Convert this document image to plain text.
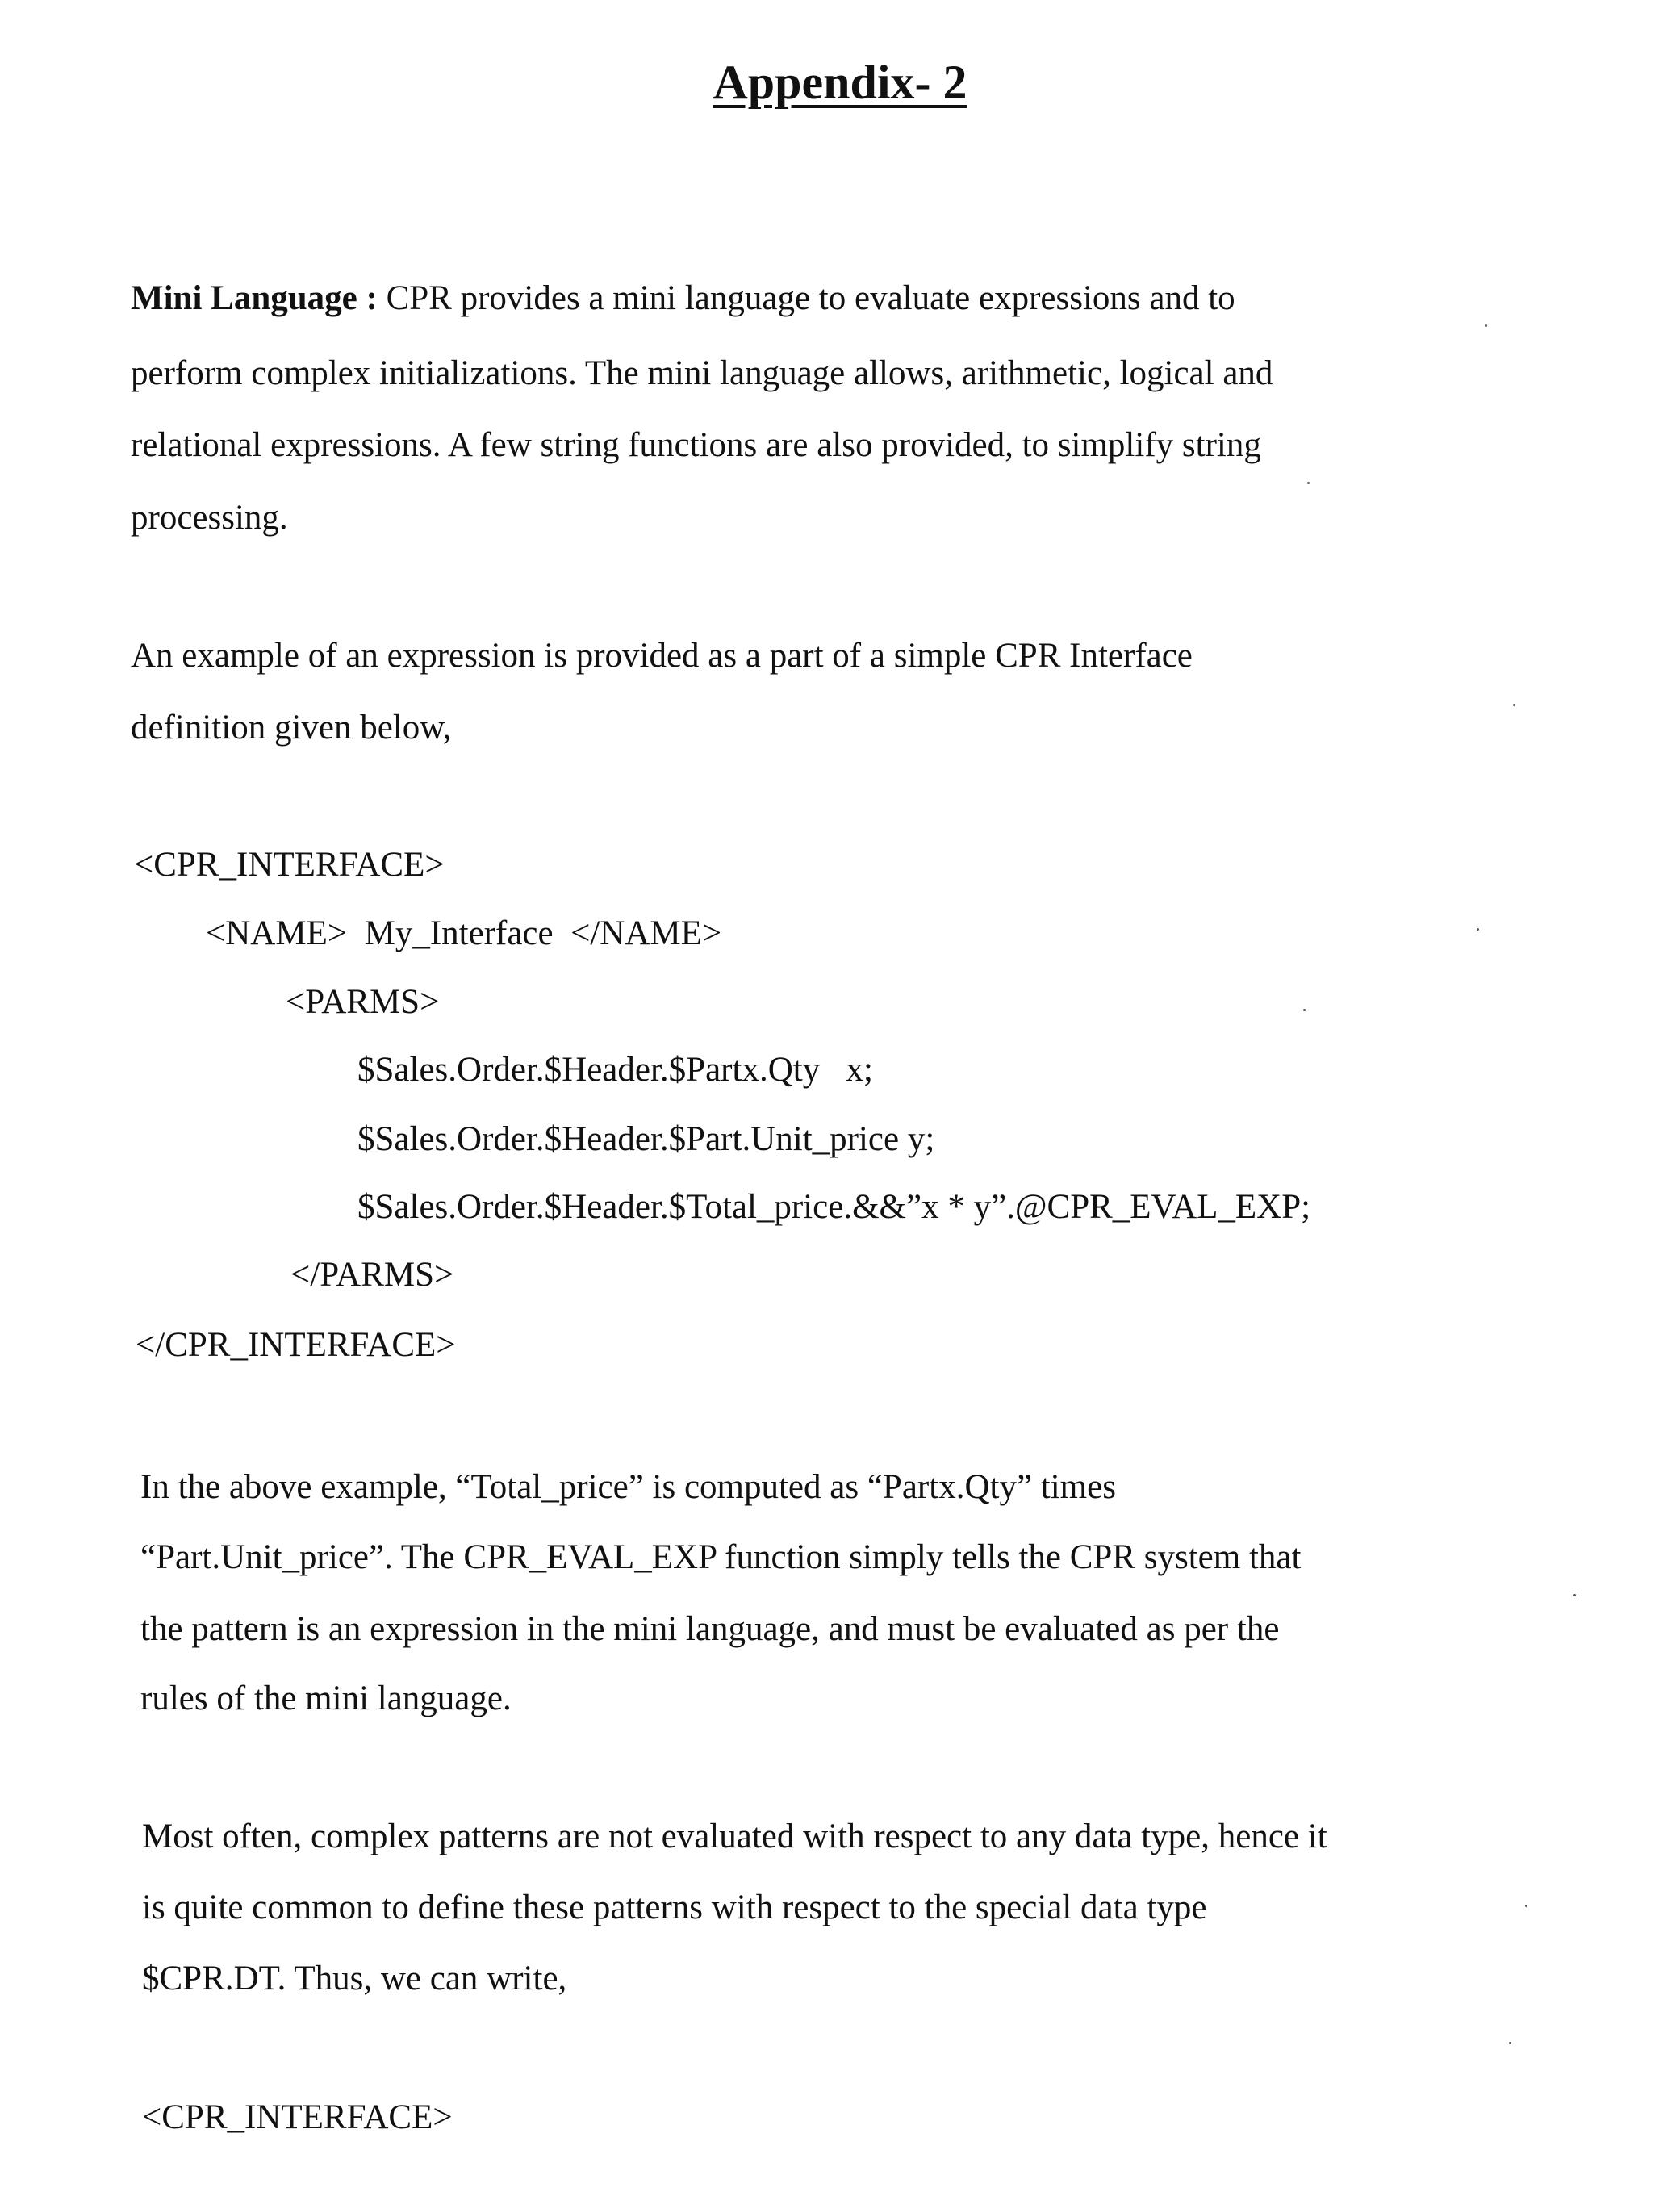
Appendix- 2
Mini Language : CPR provides a mini language to evaluate expressions and to
perform complex initializations. The mini language allows, arithmetic, logical and
relational expressions. A few string functions are also provided, to simplify string
processing.
An example of an expression is provided as a part of a simple CPR Interface
definition given below,
<CPR_INTERFACE>
<NAME>  My_Interface  </NAME>
<PARMS>
$Sales.Order.$Header.$Partx.Qty   x;
$Sales.Order.$Header.$Part.Unit_price y;
$Sales.Order.$Header.$Total_price.&&”x * y”.@CPR_EVAL_EXP;
</PARMS>
</CPR_INTERFACE>
In the above example, “Total_price” is computed as “Partx.Qty” times
“Part.Unit_price”. The CPR_EVAL_EXP function simply tells the CPR system that
the pattern is an expression in the mini language, and must be evaluated as per the
rules of the mini language.
Most often, complex patterns are not evaluated with respect to any data type, hence it
is quite common to define these patterns with respect to the special data type
$CPR.DT. Thus, we can write,
<CPR_INTERFACE>
